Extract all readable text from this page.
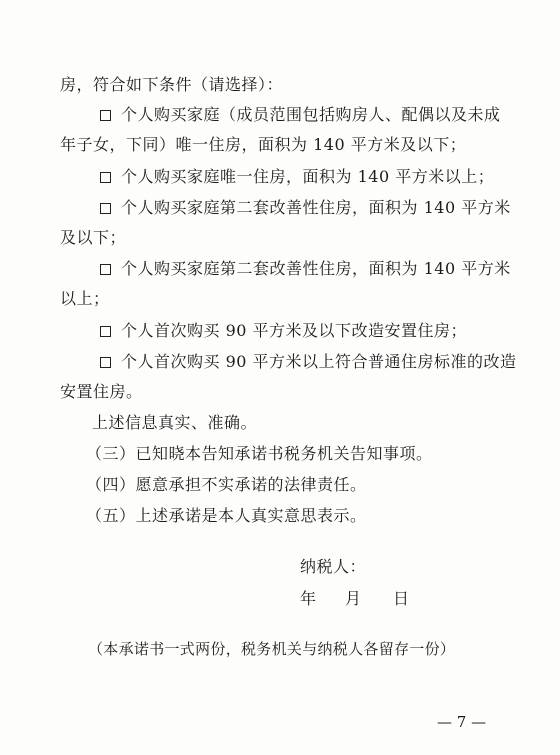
房，符合如下条件（请选择）：
个人购买家庭（成员范围包括购房人、配偶以及未成
年子女，下同）唯一住房，面积为 140 平方米及以下；
个人购买家庭唯一住房，面积为 140 平方米以上；
个人购买家庭第二套改善性住房，面积为 140 平方米
及以下；
个人购买家庭第二套改善性住房，面积为 140 平方米
以上；
个人首次购买 90 平方米及以下改造安置住房；
个人首次购买 90 平方米以上符合普通住房标准的改造
安置住房。
上述信息真实、准确。
（三）已知晓本告知承诺书税务机关告知事项。
（四）愿意承担不实承诺的法律责任。
（五）上述承诺是本人真实意思表示。
纳税人：
年 月 日
（本承诺书一式两份，税务机关与纳税人各留存一份）
— 7 —
